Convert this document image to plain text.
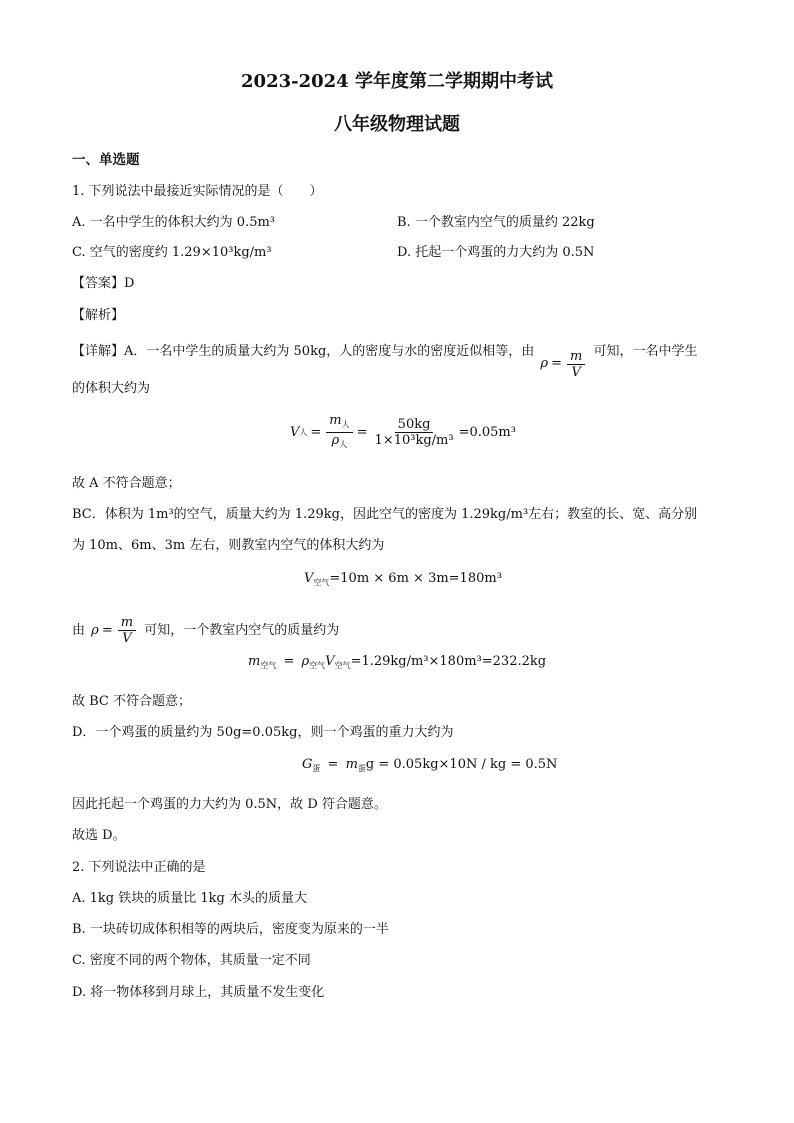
2023-2024 学年度第二学期期中考试
八年级物理试题
一、单选题
1. 下列说法中最接近实际情况的是（　　）
A. 一名中学生的体积大约为 0.5m³	B. 一个教室内空气的质量约 22kg
C. 空气的密度约 1.29×10³kg/m³	D. 托起一个鸡蛋的力大约为 0.5N
【答案】D
【解析】
【详解】A．一名中学生的质量大约为 50kg，人的密度与水的密度近似相等，由
$\rho = \frac{m}{V}$ 可知，一名中学生
的体积大约为
V 人 = $\frac{m_人}{\rho_人} = \frac{50kg}{\text{1×10³kg/m³}} =0.05m^3$
故 A 不符合题意；
BC．体积为 1m³的空气，质量大约为 1.29kg，因此空气的密度为 1.29kg/m³左右；教室的长、宽、高分别
为 10m、6m、3m 左右，则教室内空气的体积大约为
$V_{空气}=10m \times 6m \times 3m=180m^3$
由 $\rho = \frac{m}{V}$ 可知，一个教室内空气的质量约为
$m_{空气} = \rho_{空气}V_{空气}=1.29kg/m^3\times 180m^3=232.2kg$
故 BC 不符合题意；
D．一个鸡蛋的质量约为 50g=0.05kg，则一个鸡蛋的重力大约为
$G_蛋 = m_蛋g = 0.05kg\times 10N$ / kg = 0.5N
因此托起一个鸡蛋的力大约为 0.5N，故 D 符合题意。
故选 D。
2. 下列说法中正确的是
A. 1kg 铁块的质量比 1kg 木头的质量大
B. 一块砖切成体积相等的两块后，密度变为原来的一半
C. 密度不同的两个物体，其质量一定不同
D. 将一物体移到月球上，其质量不发生变化
